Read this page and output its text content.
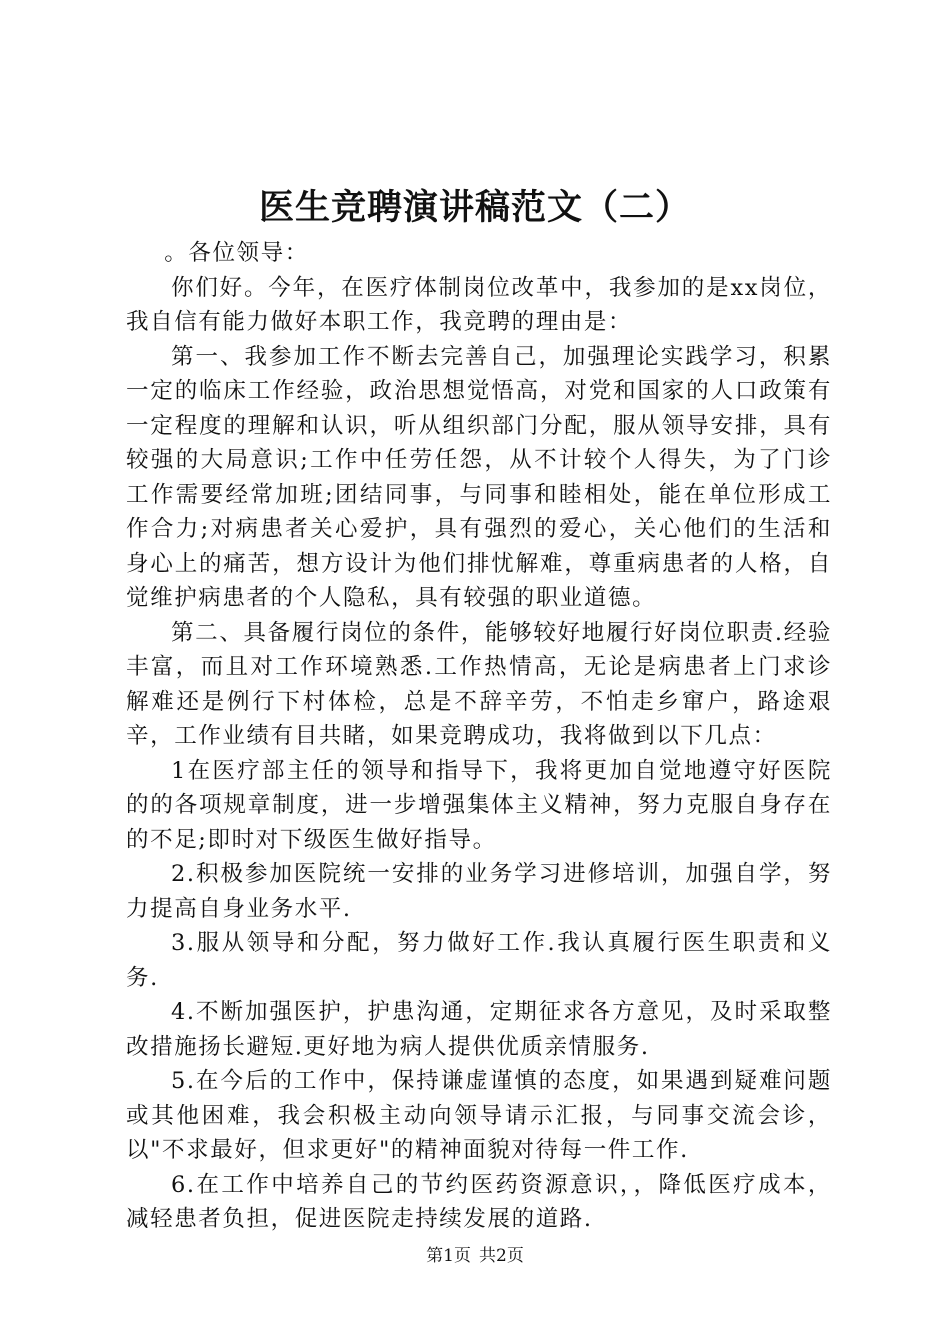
医生竞聘演讲稿范文（二）

。各位领导：

你们好。今年，在医疗体制岗位改革中，我参加的是xx岗位，我自信有能力做好本职工作，我竞聘的理由是：

第一、我参加工作不断去完善自己，加强理论实践学习，积累一定的临床工作经验，政治思想觉悟高，对党和国家的人口政策有一定程度的理解和认识，听从组织部门分配，服从领导安排，具有较强的大局意识;工作中任劳任怨，从不计较个人得失，为了门诊工作需要经常加班;团结同事，与同事和睦相处，能在单位形成工作合力;对病患者关心爱护，具有强烈的爱心，关心他们的生活和身心上的痛苦，想方设计为他们排忧解难，尊重病患者的人格，自觉维护病患者的个人隐私，具有较强的职业道德。

第二、具备履行岗位的条件，能够较好地履行好岗位职责.经验丰富，而且对工作环境熟悉.工作热情高，无论是病患者上门求诊解难还是例行下村体检，总是不辞辛劳，不怕走乡窜户，路途艰辛，工作业绩有目共睹，如果竞聘成功，我将做到以下几点：

1在医疗部主任的领导和指导下，我将更加自觉地遵守好医院的的各项规章制度，进一步增强集体主义精神，努力克服自身存在的不足;即时对下级医生做好指导。

2.积极参加医院统一安排的业务学习进修培训，加强自学，努力提高自身业务水平.

3.服从领导和分配，努力做好工作.我认真履行医生职责和义务.

4.不断加强医护，护患沟通，定期征求各方意见，及时采取整改措施扬长避短.更好地为病人提供优质亲情服务.

5.在今后的工作中，保持谦虚谨慎的态度，如果遇到疑难问题或其他困难，我会积极主动向领导请示汇报，与同事交流会诊，以"不求最好，但求更好"的精神面貌对待每一件工作.

6.在工作中培养自己的节约医药资源意识，，降低医疗成本，减轻患者负担，促进医院走持续发展的道路.

第1页 共2页
